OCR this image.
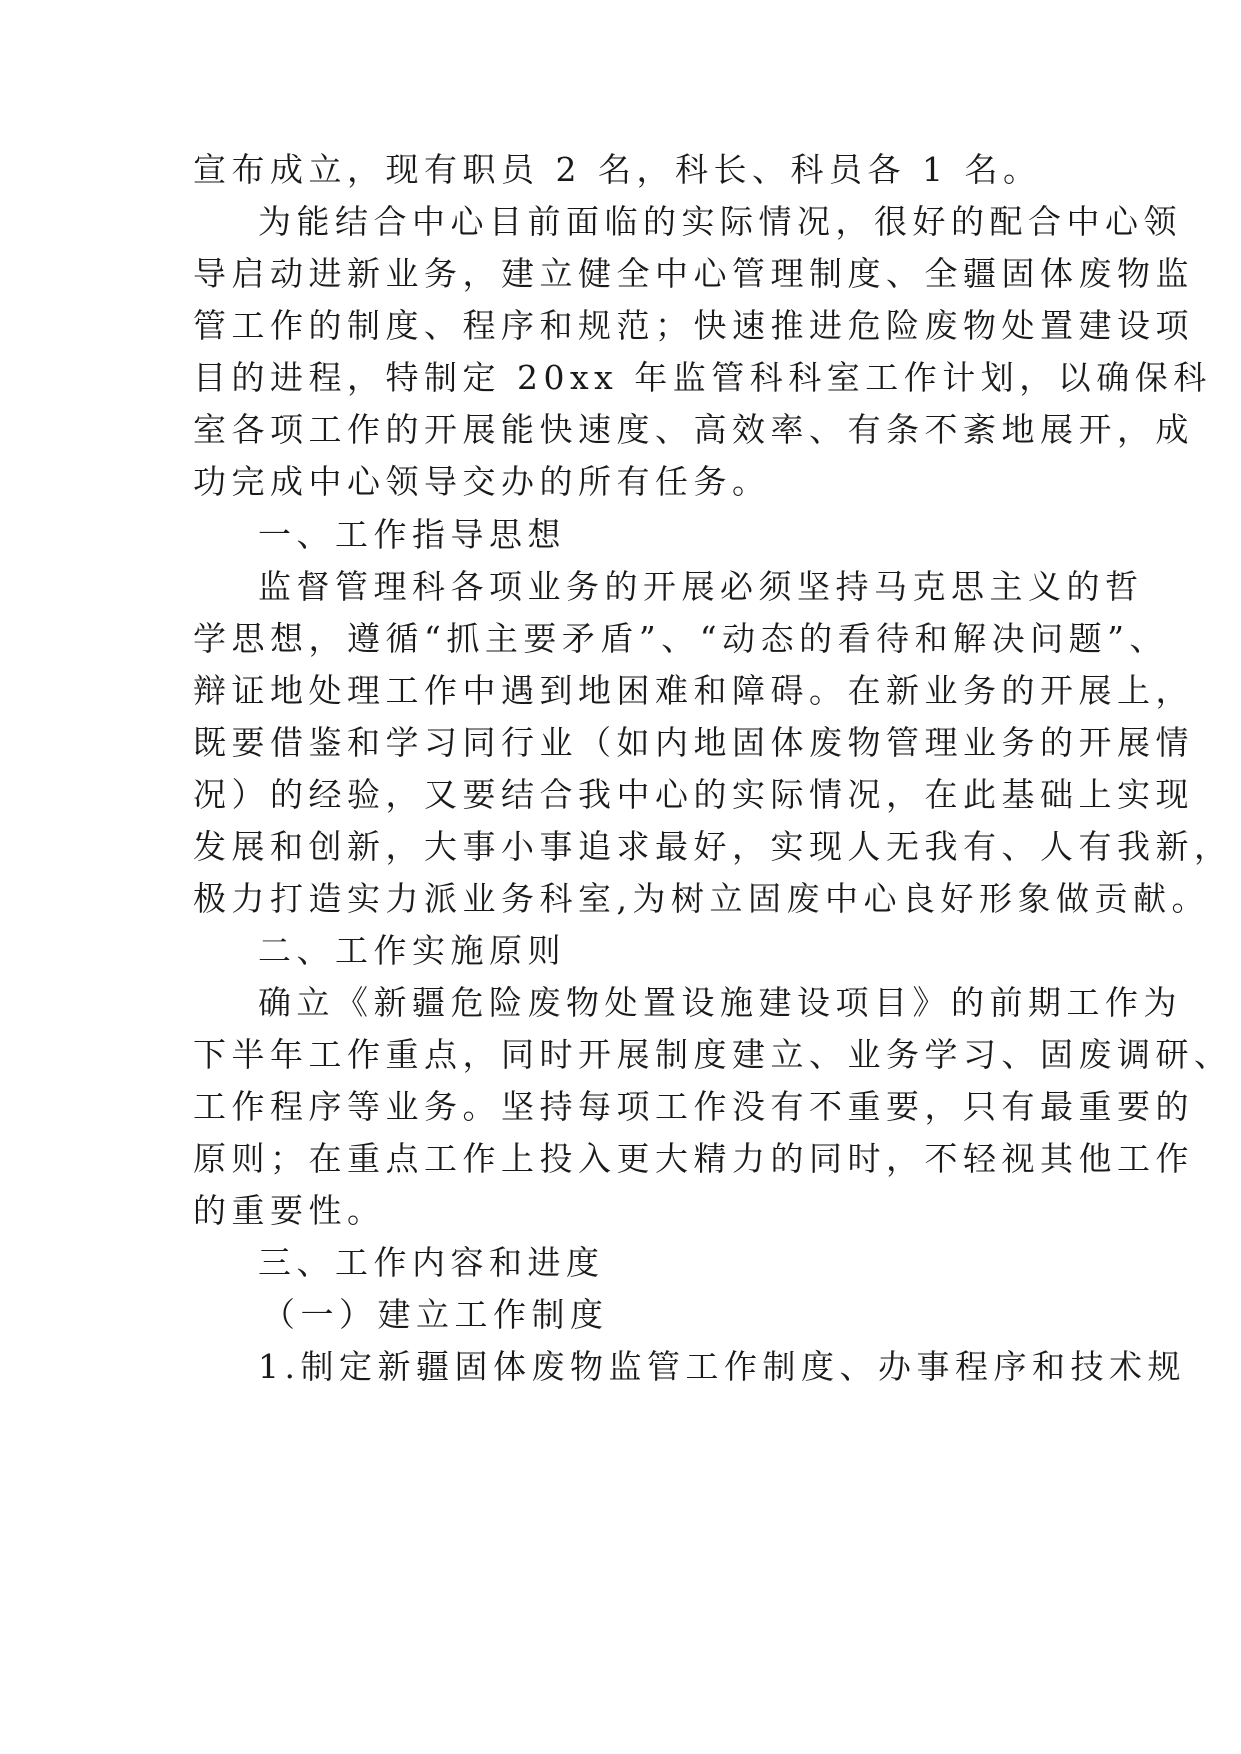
宣布成立，现有职员 2 名，科长、科员各 1 名。
为能结合中心目前面临的实际情况，很好的配合中心领
导启动进新业务，建立健全中心管理制度、全疆固体废物监
管工作的制度、程序和规范；快速推进危险废物处置建设项
目的进程，特制定 20xx 年监管科科室工作计划，以确保科
室各项工作的开展能快速度、高效率、有条不紊地展开，成
功完成中心领导交办的所有任务。
一、工作指导思想
监督管理科各项业务的开展必须坚持马克思主义的哲
学思想，遵循“抓主要矛盾”、“动态的看待和解决问题”、
辩证地处理工作中遇到地困难和障碍。在新业务的开展上，
既要借鉴和学习同行业（如内地固体废物管理业务的开展情
况）的经验，又要结合我中心的实际情况，在此基础上实现
发展和创新，大事小事追求最好，实现人无我有、人有我新，
极力打造实力派业务科室,为树立固废中心良好形象做贡献。
二、工作实施原则
确立《新疆危险废物处置设施建设项目》的前期工作为
下半年工作重点，同时开展制度建立、业务学习、固废调研、
工作程序等业务。坚持每项工作没有不重要，只有最重要的
原则；在重点工作上投入更大精力的同时，不轻视其他工作
的重要性。
三、工作内容和进度
（一）建立工作制度
1.制定新疆固体废物监管工作制度、办事程序和技术规
